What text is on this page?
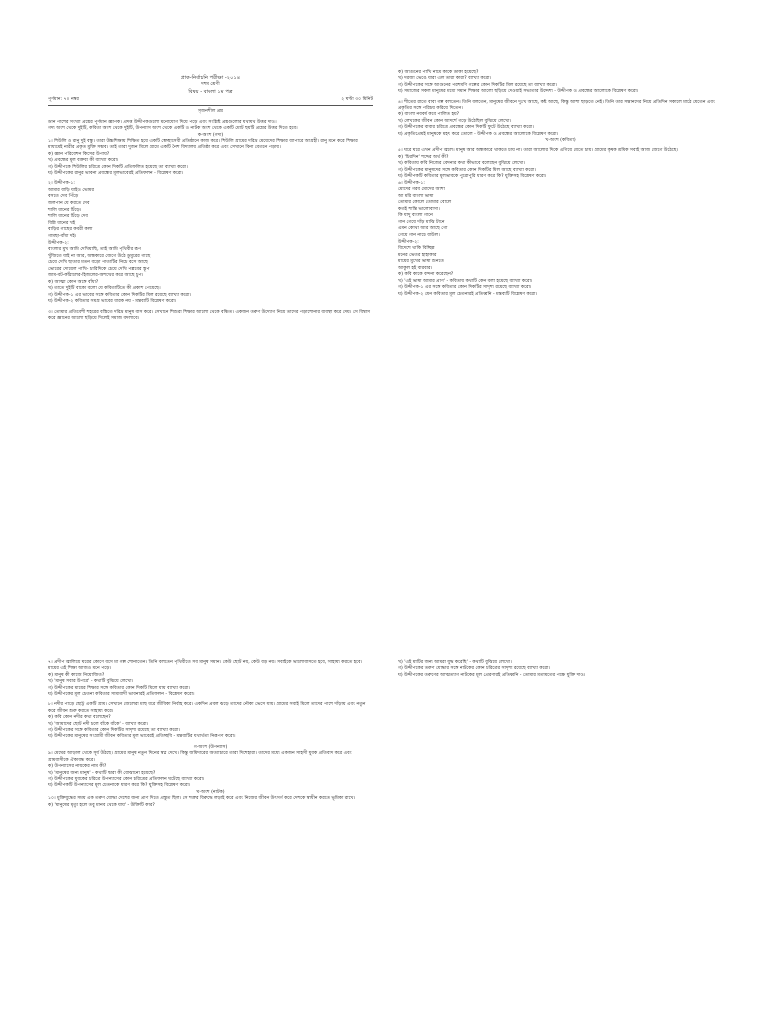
প্রাক-নির্বাচনি পরীক্ষা -২০১৪

দশম শ্রেণী

বিষয় - বাংলা ১ম পত্র

পূর্ণমান: ৭০ নম্বর	২ ঘণ্টা ৩০ মিনিট

সৃজনশীল প্রশ্ন

ডান পাশের সংখ্যা প্রশ্নের পূর্ণমান জ্ঞাপক। প্রদত্ত উদ্দীপকগুলো মনোযোগ দিয়ে পড়ে এবং সংশ্লিষ্ট প্রশ্নগুলোর যথাযথ উত্তর দাও।

গদ্য অংশ থেকে দুইটি, কবিতা অংশ থেকে দুইটি, উপন্যাস অংশ থেকে একটি ও নাটক অংশ থেকে একটি মোট ছয়টি প্রশ্নের উত্তর দিতে হবে।

ক-অংশ (গদ্য)

১। শিউলি ও রানু দুই বন্ধু। তারা উচ্চশিক্ষায় শিক্ষিত হয়ে একটি স্বেচ্ছাসেবী প্রতিষ্ঠানে কাজ করে। শিউলি গ্রামের দরিদ্র মেয়েদের শিক্ষার ব্যাপারে আগ্রহী। রানু মনে করে শিক্ষার মাধ্যমেই নারীর প্রকৃত মুক্তি সম্ভব। তাই তারা দুজন মিলে গ্রামে একটি নৈশ বিদ্যালয় প্রতিষ্ঠা করে এবং সেখানে বিনা বেতনে পড়ায়।

ক) জ্ঞান পরিবেশন কিসের উপায়?

খ) প্রবন্ধের মূল বক্তব্য কী ব্যাখ্যা করো।

গ) উদ্দীপকে শিউলির চরিত্রে কোন দিকটি প্রতিফলিত হয়েছে তা ব্যাখ্যা করো।

ঘ) উদ্দীপকের রানুর ভাবনা প্রবন্ধের মূলভাবেরই প্রতিফলন - বিশ্লেষণ করো।

২। উদ্দীপক-১:

আমার বাড়ি যাইও ভোমর

বসতে দেব পিঁড়ে

জলপান যে করতে দেব

শালি ধানের চিঁড়ে।

শালি ধানের চিঁড়ে দেব

বিন্নি ধানের খই

বাড়ির গাছের কবরী কলা

গামছা-বাঁধা দই।

উদ্দীপক-২:

বাংলার মুখ আমি দেখিয়াছি, তাই আমি পৃথিবীর রূপ

খুঁজিতে যাই না আর, অন্ধকারে জেগে উঠে ডুমুরের গাছে

চেয়ে দেখি ছাতার মতন বড়ো পাতাটির নিচে বসে আছে

ভোরের দোয়েল পাখি- চারিদিকে চেয়ে দেখি পল্লবের স্তূপ

জাম-বট-কাঁঠালের-হিজলের-অশত্থের করে আছে চুপ।

ক) আত্মা কোন অঙ্গে বাঁধা?

খ) তাতে দুইটি বাক্যে বলো যে কবিতাটিতে কী প্রকাশ পেয়েছে।

গ) উদ্দীপক-১ এর ভাবের সঙ্গে কবিতার কোন দিকটির মিল রয়েছে ব্যাখ্যা করো।

ঘ) উদ্দীপক-২ কবিতার সমগ্র ভাবের ধারক নয় - মন্তব্যটি বিশ্লেষণ করো।

৩। তোমার প্রতিবেশী শহরের বস্তিতে দরিদ্র মানুষ বাস করে। সেখানে শিশুরা শিক্ষার আলো থেকে বঞ্চিত। একজন তরুণ উদ্যোগ নিয়ে তাদের পড়াশোনার ব্যবস্থা করে দেয়। সে বিশ্বাস করে জ্ঞানের আলো ছড়িয়ে দিলেই সমাজ বদলাবে।

ক) আগুনের পাখি নামে কাকে ডাকা হয়েছে?

খ) দরজা ভেঙে যারা এল তারা কারা? ব্যাখ্যা করো।

গ) উদ্দীপকের সঙ্গে আগুনের পরশমণি গল্পের কোন দিকটির মিল রয়েছে তা ব্যাখ্যা করো।

ঘ) সমাজের সকল মানুষের মধ্যে সমান শিক্ষার আলো ছড়িয়ে দেওয়াই সভ্যতার উদ্দেশ্য - উদ্দীপক ও প্রবন্ধের আলোকে বিশ্লেষণ করো।

৪। শীতের রাতে বাবা গল্প বলতেন। তিনি বলতেন, মানুষের জীবনে দুঃখ আছে, কষ্ট আছে, কিন্তু আশা ছাড়তে নেই। তিনি তার সন্তানদের নিয়ে প্রতিদিন সকালে মাঠে যেতেন এবং প্রকৃতির সঙ্গে পরিচয় করিয়ে দিতেন।

ক) বাংলা নববর্ষ কবে পালিত হয়?

খ) লেখকের জীবন কোন আদর্শে গড়ে উঠেছিল বুঝিয়ে লেখো।

গ) উদ্দীপকের বাবার চরিত্রে প্রবন্ধের কোন দিকটি ফুটে উঠেছে ব্যাখ্যা করো।

ঘ) প্রকৃতিপ্রেমই মানুষকে মহৎ করে তোলে - উদ্দীপক ও প্রবন্ধের আলোকে বিশ্লেষণ করো।

খ-অংশ (কবিতা)

৫। ঘরে ঘরে এখন প্রদীপ জ্বলে। মানুষ আর অন্ধকারে থাকতে চায় না। তারা আলোর দিকে এগিয়ে যেতে চায়। গ্রামের কৃষক শ্রমিক সবাই আজ জেগে উঠেছে।

ক) 'চিরদিন' শব্দের অর্থ কী?

খ) কবিতায় কবি নিজের বেদনার কথা কীভাবে বলেছেন বুঝিয়ে লেখো।

গ) উদ্দীপকের মানুষদের সঙ্গে কবিতার কোন দিকটির মিল আছে ব্যাখ্যা করো।

ঘ) উদ্দীপকটি কবিতার মূলভাবকে পুরোপুরি ধারণ করে কি? যুক্তিসহ বিশ্লেষণ করো।

৬। উদ্দীপক-১:

মোদের গরব মোদের আশা

আ মরি বাংলা ভাষা

তোমার কোলে তোমার বোলে

কতই শান্তি ভালোবাসা।

কি যাদু বাংলা গানে

গান গেয়ে দাঁড় মাঝি টানে

এমন কোথা আর আছে গো

গেয়ে গান নাচে বাউল।

উদ্দীপক-২:

বিদেশে থাকি বিচ্ছিন্ন

মনের ভেতর হাহাকার

মায়ের মুখের ভাষা শুনতে

আকুল হই বারবার।

ক) কবি কাকে বন্দনা করেছেন?

খ) 'এই ভাষা আমার প্রাণ' - কবিতায় কথাটি কেন বলা হয়েছে ব্যাখ্যা করো।

গ) উদ্দীপক-১ এর সঙ্গে কবিতার কোন দিকটির সাদৃশ্য রয়েছে ব্যাখ্যা করো।

ঘ) উদ্দীপক-২ যেন কবিতার মূল চেতনারই প্রতিধ্বনি - মন্তব্যটি বিশ্লেষণ করো।

৭। প্রদীপ জ্বালিয়ে ঘরের কোণে বসে মা গল্প শোনাতেন। তিনি বলতেন পৃথিবীতে সব মানুষ সমান। কেউ ছোট নয়, কেউ বড় নয়। সবাইকে ভালোবাসতে হবে, সাহায্য করতে হবে। মায়ের এই শিক্ষা আজও মনে পড়ে।

ক) মানুষ কী কাজে নিয়োজিত?

খ) 'মানুষ সবার উপরে' - কথাটি বুঝিয়ে লেখো।

গ) উদ্দীপকের মায়ের শিক্ষার সঙ্গে কবিতার কোন দিকটি মিলে যায় ব্যাখ্যা করো।

ঘ) উদ্দীপকের মূল চেতনা কবিতার সাম্যবাদী ভাবনারই প্রতিফলন - বিশ্লেষণ করো।

৮। নদীর পাড়ে ছোট্ট একটি গ্রাম। সেখানে জেলেরা মাছ ধরে জীবিকা নির্বাহ করে। একদিন প্রবল ঝড়ে তাদের নৌকা ভেসে যায়। গ্রামের সবাই মিলে তাদের পাশে দাঁড়ায় এবং নতুন করে জীবন শুরু করতে সাহায্য করে।

ক) কবি কোন নদীর কথা বলেছেন?

খ) 'আমাদের ছোট নদী চলে বাঁকে বাঁকে' - ব্যাখ্যা করো।

গ) উদ্দীপকের সঙ্গে কবিতার কোন দিকটির সাদৃশ্য রয়েছে তা ব্যাখ্যা করো।

ঘ) উদ্দীপকের মানুষের সংগ্রামী জীবন কবিতার মূল ভাবেরই প্রতিচ্ছবি - মন্তব্যটির যথার্থতা নিরূপণ করো।

গ-অংশ (উপন্যাস)

৯। মেঘের আড়াল থেকে সূর্য উঠছে। গ্রামের মানুষ নতুন দিনের স্বপ্ন দেখে। কিন্তু জমিদারের অত্যাচারে তারা দিশেহারা। তাদের মধ্যে একজন সাহসী যুবক প্রতিবাদ করে এবং গ্রামবাসীকে ঐক্যবদ্ধ করে।

ক) উপন্যাসের নায়কের নাম কী?

খ) 'মানুষের জন্য মানুষ' - কথাটি দ্বারা কী বোঝানো হয়েছে?

গ) উদ্দীপকের যুবকের চরিত্রে উপন্যাসের কোন চরিত্রের প্রতিফলন ঘটেছে ব্যাখ্যা করো।

ঘ) উদ্দীপকটি উপন্যাসের মূল চেতনাকে ধারণ করে কি? যুক্তিসহ বিশ্লেষণ করো।

ঘ-অংশ (নাটক)

১০। মুক্তিযুদ্ধের সময় এক তরুণ যোদ্ধা দেশের জন্য প্রাণ দিতে প্রস্তুত ছিল। সে শত্রুর বিরুদ্ধে লড়াই করে এবং নিজের জীবন উৎসর্গ করে দেশকে স্বাধীন করতে ভূমিকা রাখে।

ক) 'মানুষের মৃত্যু হলে তবু মানব থেকে যায়' - উক্তিটি কার?

খ) 'এই মাটির জন্য আমরা যুদ্ধ করেছি' - কথাটি বুঝিয়ে লেখো।

গ) উদ্দীপকের তরুণ যোদ্ধার সঙ্গে নাটকের কোন চরিত্রের সাদৃশ্য রয়েছে ব্যাখ্যা করো।

ঘ) উদ্দীপকের তরুণের আত্মত্যাগ নাটকের মূল প্রেরণারই প্রতিধ্বনি - তোমার মতামতের পক্ষে যুক্তি দাও।
